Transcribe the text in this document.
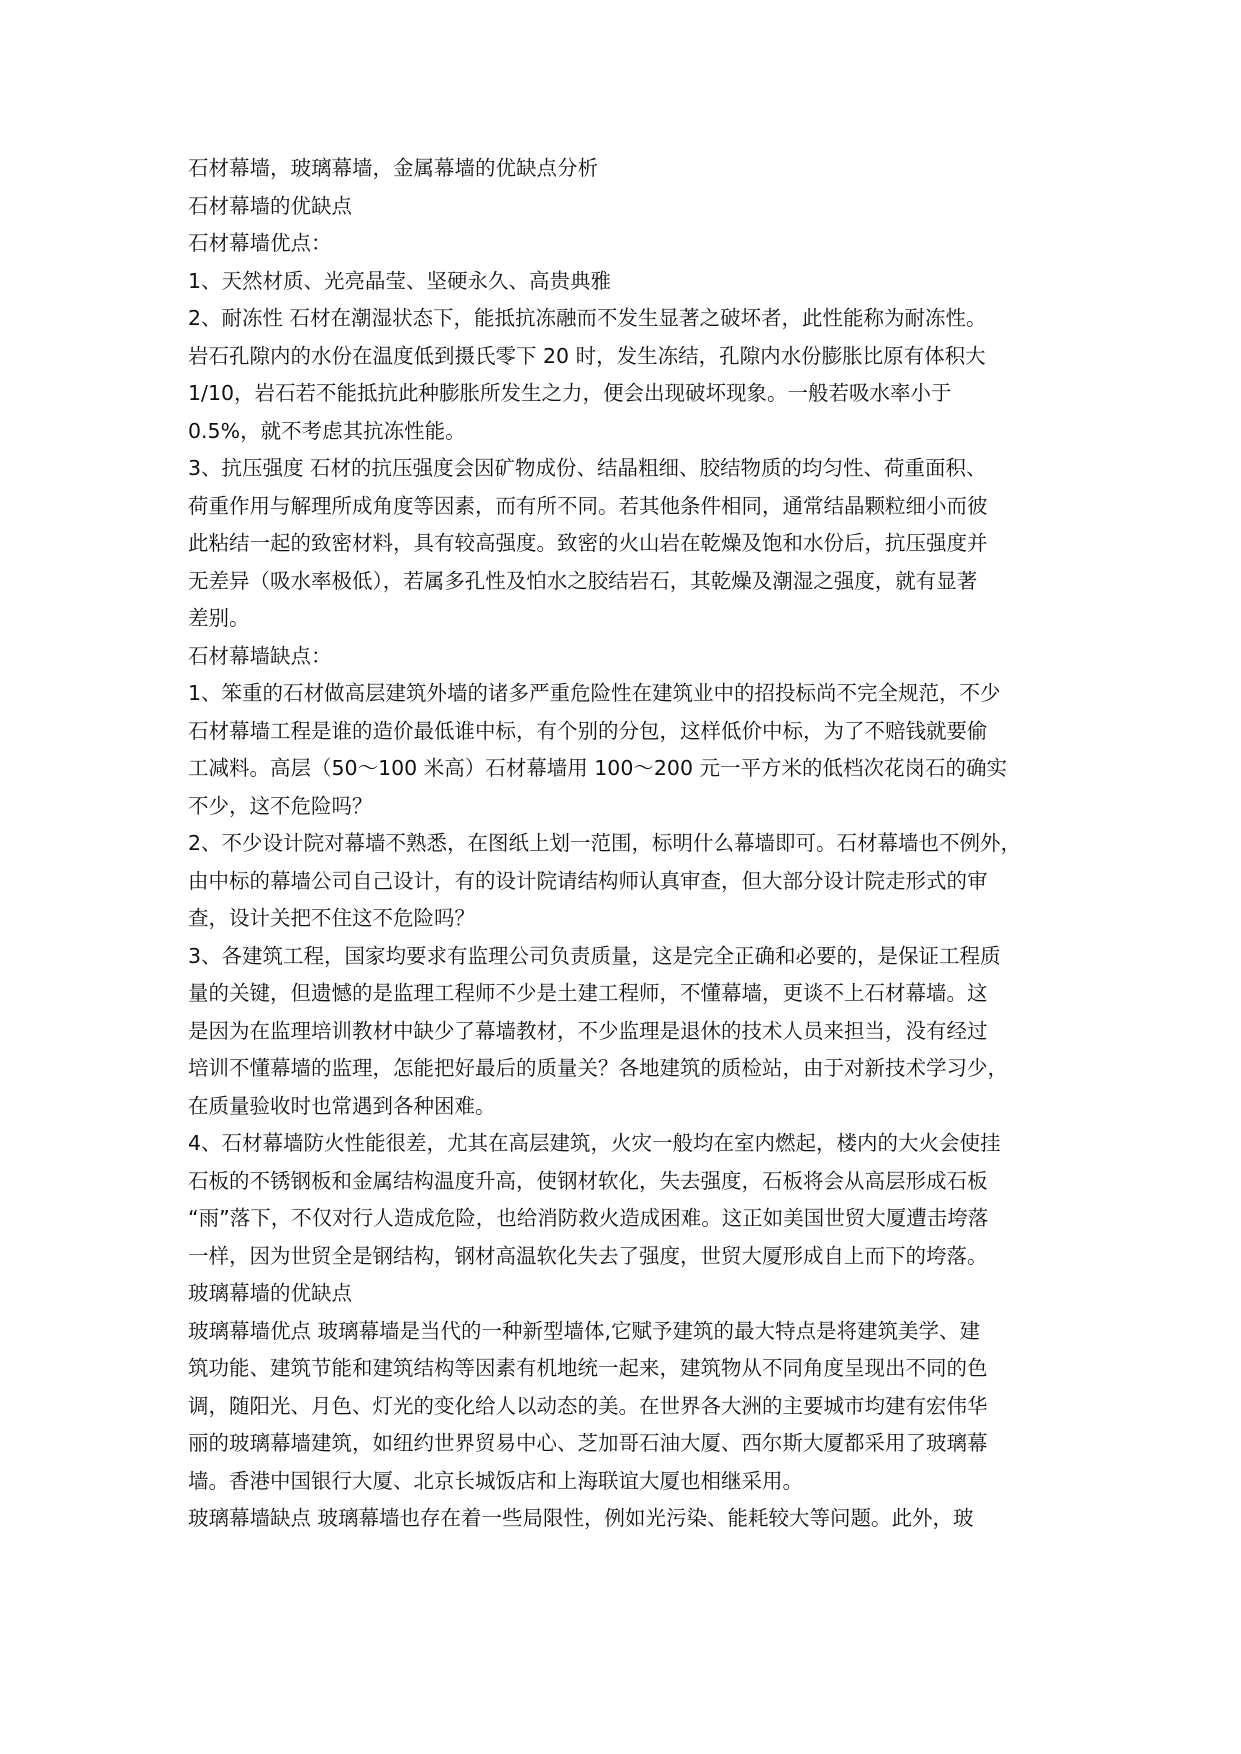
石材幕墙，玻璃幕墙，金属幕墙的优缺点分析

石材幕墙的优缺点

石材幕墙优点：

1、天然材质、光亮晶莹、坚硬永久、高贵典雅

2、耐冻性 石材在潮湿状态下，能抵抗冻融而不发生显著之破坏者，此性能称为耐冻性。

岩石孔隙内的水份在温度低到摄氏零下 20 时，发生冻结，孔隙内水份膨胀比原有体积大

1/10，岩石若不能抵抗此种膨胀所发生之力，便会出现破坏现象。一般若吸水率小于

0.5%，就不考虑其抗冻性能。

3、抗压强度 石材的抗压强度会因矿物成份、结晶粗细、胶结物质的均匀性、荷重面积、

荷重作用与解理所成角度等因素，而有所不同。若其他条件相同，通常结晶颗粒细小而彼

此粘结一起的致密材料，具有较高强度。致密的火山岩在乾燥及饱和水份后，抗压强度并

无差异（吸水率极低），若属多孔性及怕水之胶结岩石，其乾燥及潮湿之强度，就有显著

差别。

石材幕墙缺点：

1、笨重的石材做高层建筑外墙的诸多严重危险性在建筑业中的招投标尚不完全规范，不少

石材幕墙工程是谁的造价最低谁中标，有个别的分包，这样低价中标，为了不赔钱就要偷

工减料。高层（50～100 米高）石材幕墙用 100～200 元一平方米的低档次花岗石的确实

不少，这不危险吗？

2、不少设计院对幕墙不熟悉，在图纸上划一范围，标明什么幕墙即可。石材幕墙也不例外，

由中标的幕墙公司自己设计，有的设计院请结构师认真审查，但大部分设计院走形式的审

查，设计关把不住这不危险吗？

3、各建筑工程，国家均要求有监理公司负责质量，这是完全正确和必要的，是保证工程质

量的关键，但遗憾的是监理工程师不少是土建工程师，不懂幕墙，更谈不上石材幕墙。这

是因为在监理培训教材中缺少了幕墙教材，不少监理是退休的技术人员来担当，没有经过

培训不懂幕墙的监理，怎能把好最后的质量关？各地建筑的质检站，由于对新技术学习少，

在质量验收时也常遇到各种困难。

4、石材幕墙防火性能很差，尤其在高层建筑，火灾一般均在室内燃起，楼内的大火会使挂

石板的不锈钢板和金属结构温度升高，使钢材软化，失去强度，石板将会从高层形成石板

“雨”落下，不仅对行人造成危险，也给消防救火造成困难。这正如美国世贸大厦遭击垮落

一样，因为世贸全是钢结构，钢材高温软化失去了强度，世贸大厦形成自上而下的垮落。

玻璃幕墙的优缺点

玻璃幕墙优点 玻璃幕墙是当代的一种新型墙体,它赋予建筑的最大特点是将建筑美学、建

筑功能、建筑节能和建筑结构等因素有机地统一起来，建筑物从不同角度呈现出不同的色

调，随阳光、月色、灯光的变化给人以动态的美。在世界各大洲的主要城市均建有宏伟华

丽的玻璃幕墙建筑，如纽约世界贸易中心、芝加哥石油大厦、西尔斯大厦都采用了玻璃幕

墙。香港中国银行大厦、北京长城饭店和上海联谊大厦也相继采用。

玻璃幕墙缺点 玻璃幕墙也存在着一些局限性，例如光污染、能耗较大等问题。此外，玻
